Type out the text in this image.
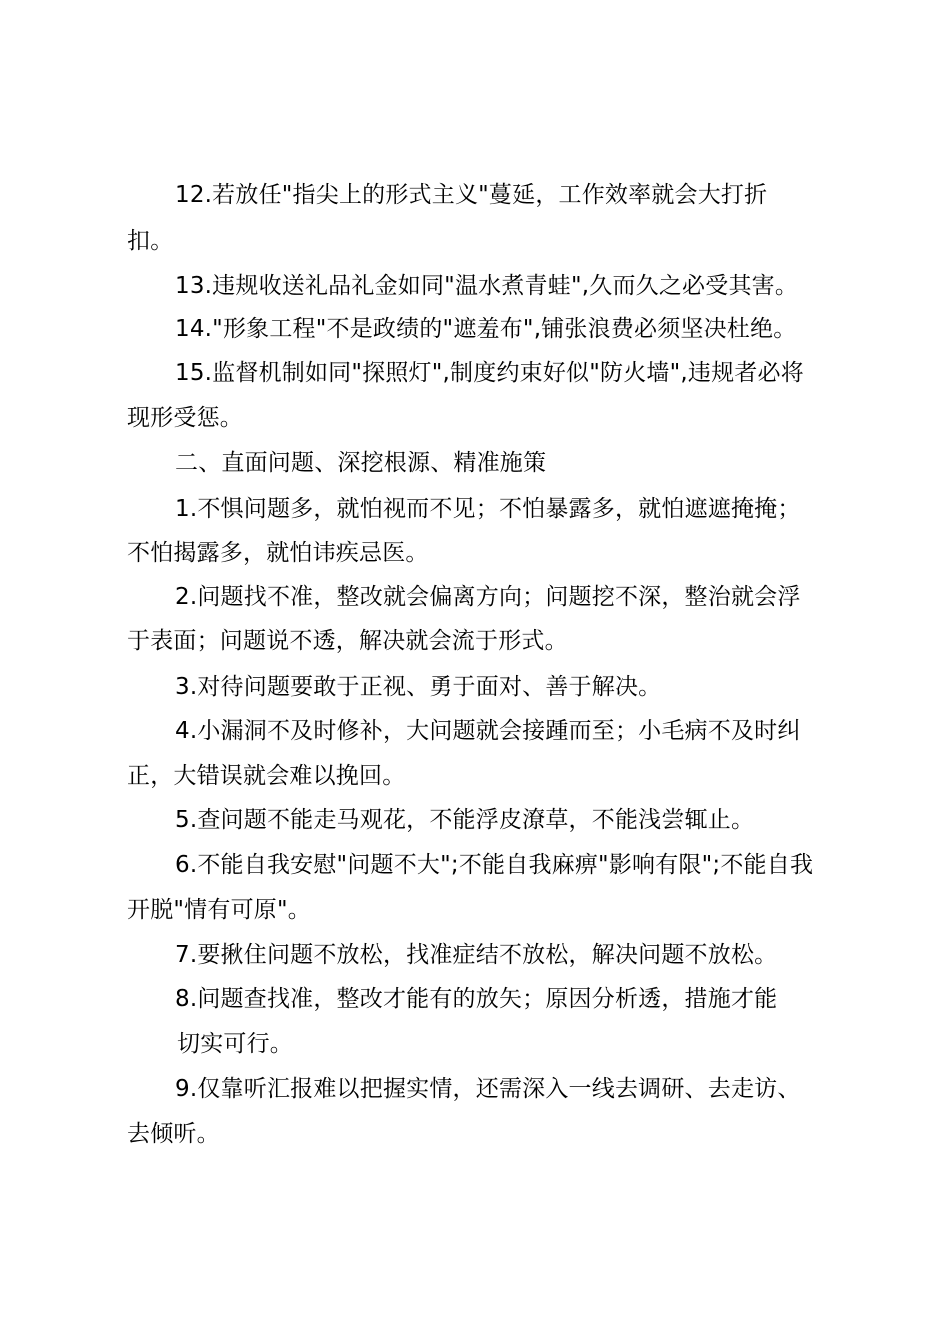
12.若放任"指尖上的形式主义"蔓延，工作效率就会大打折
扣。
13.违规收送礼品礼金如同"温水煮青蛙",久而久之必受其害。
14."形象工程"不是政绩的"遮羞布",铺张浪费必须坚决杜绝。
15.监督机制如同"探照灯",制度约束好似"防火墙",违规者必将
现形受惩。
二、直面问题、深挖根源、精准施策
1.不惧问题多，就怕视而不见；不怕暴露多，就怕遮遮掩掩；
不怕揭露多，就怕讳疾忌医。
2.问题找不准，整改就会偏离方向；问题挖不深，整治就会浮
于表面；问题说不透，解决就会流于形式。
3.对待问题要敢于正视、勇于面对、善于解决。
4.小漏洞不及时修补，大问题就会接踵而至；小毛病不及时纠
正，大错误就会难以挽回。
5.查问题不能走马观花，不能浮皮潦草，不能浅尝辄止。
6.不能自我安慰"问题不大";不能自我麻痹"影响有限";不能自我
开脱"情有可原"。
7.要揪住问题不放松，找准症结不放松，解决问题不放松。
8.问题查找准，整改才能有的放矢；原因分析透，措施才能
切实可行。
9.仅靠听汇报难以把握实情，还需深入一线去调研、去走访、
去倾听。
